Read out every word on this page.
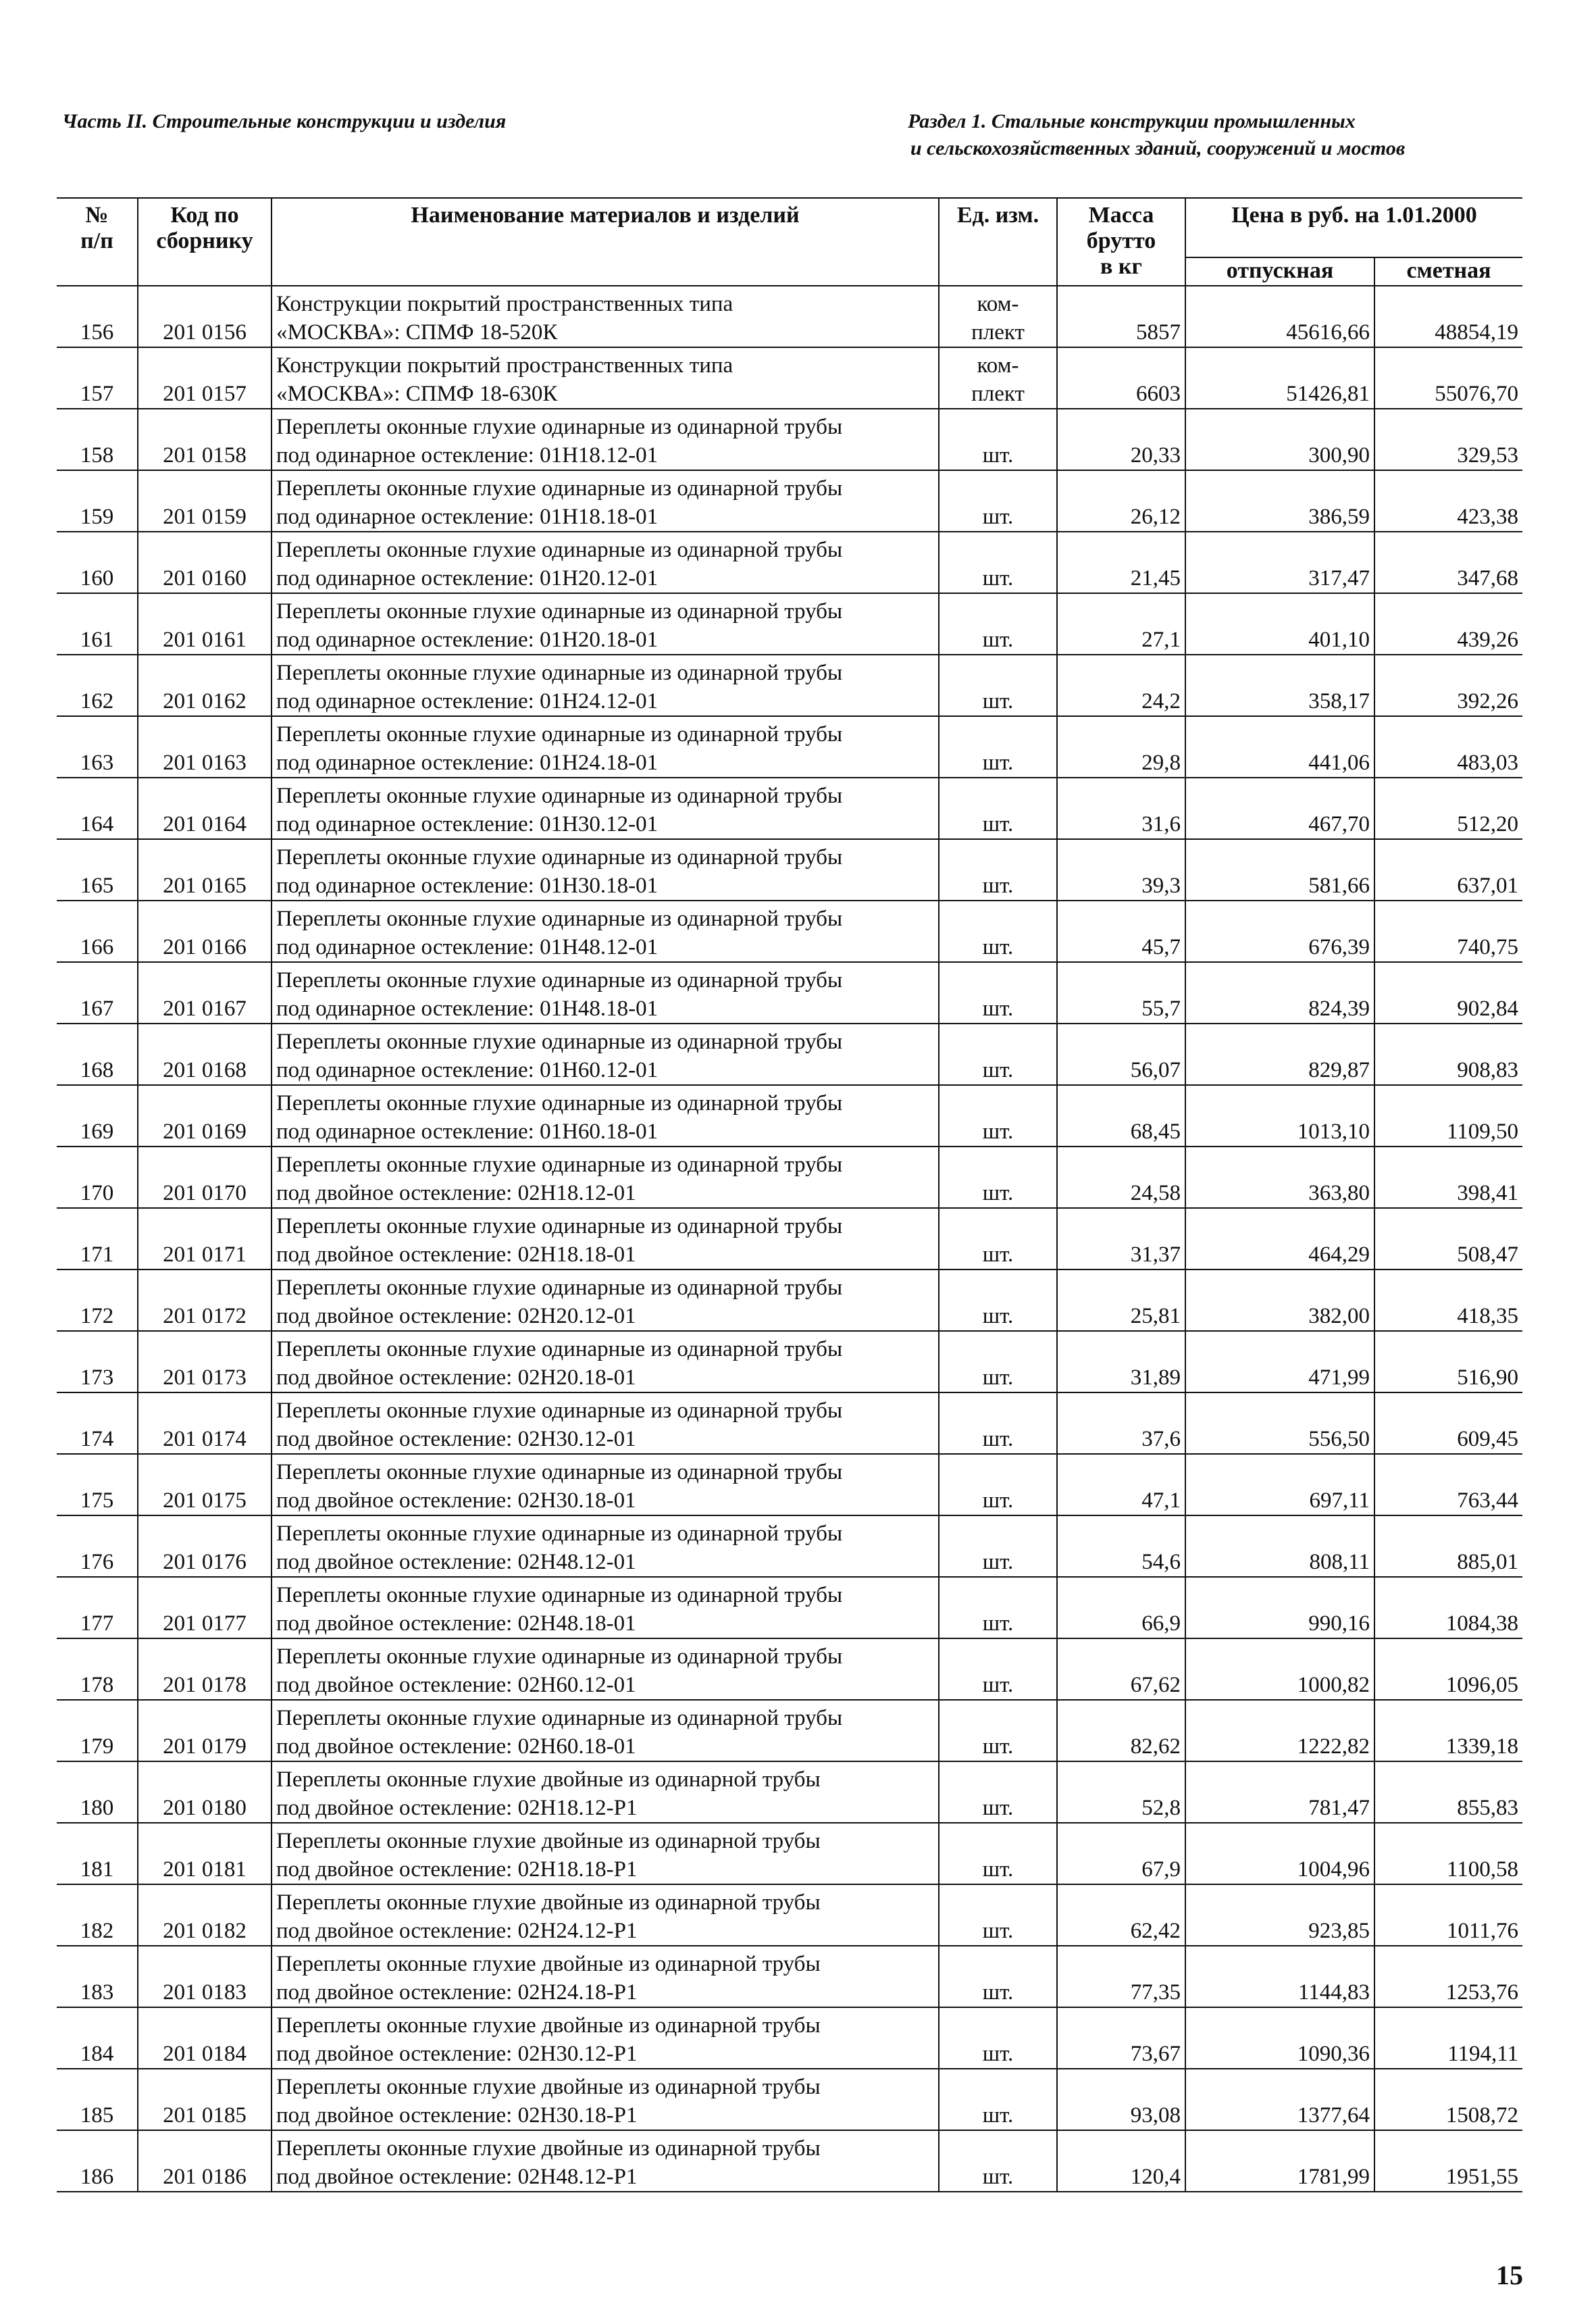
Часть II. Строительные конструкции и изделия	Раздел 1. Стальные конструкции промышленных
и сельскохозяйственных зданий, сооружений и мостов
№
п/п	Код по
сборнику	Наименование материалов и изделий	Ед. изм.	Масса
брутто
в кг	Цена в руб. на 1.01.2000	
					отпускная	сметная

156	201 0156	Конструкции покрытий пространственных типа
«МОСКВА»: СПМФ 18-520К	ком-
плект	5857	45616,66	48854,19

157	201 0157	Конструкции покрытий пространственных типа
«МОСКВА»: СПМФ 18-630К	ком-
плект	6603	51426,81	55076,70

158	201 0158	Переплеты оконные глухие одинарные из одинарной трубы
под одинарное остекление: 01Н18.12-01	шт.	20,33	300,90	329,53

159	201 0159	Переплеты оконные глухие одинарные из одинарной трубы
под одинарное остекление: 01Н18.18-01	шт.	26,12	386,59	423,38

160	201 0160	Переплеты оконные глухие одинарные из одинарной трубы
под одинарное остекление: 01Н20.12-01	шт.	21,45	317,47	347,68

161	201 0161	Переплеты оконные глухие одинарные из одинарной трубы
под одинарное остекление: 01Н20.18-01	шт.	27,1	401,10	439,26

162	201 0162	Переплеты оконные глухие одинарные из одинарной трубы
под одинарное остекление: 01Н24.12-01	шт.	24,2	358,17	392,26

163	201 0163	Переплеты оконные глухие одинарные из одинарной трубы
под одинарное остекление: 01Н24.18-01	шт.	29,8	441,06	483,03

164	201 0164	Переплеты оконные глухие одинарные из одинарной трубы
под одинарное остекление: 01Н30.12-01	шт.	31,6	467,70	512,20

165	201 0165	Переплеты оконные глухие одинарные из одинарной трубы
под одинарное остекление: 01Н30.18-01	шт.	39,3	581,66	637,01

166	201 0166	Переплеты оконные глухие одинарные из одинарной трубы
под одинарное остекление: 01Н48.12-01	шт.	45,7	676,39	740,75

167	201 0167	Переплеты оконные глухие одинарные из одинарной трубы
под одинарное остекление: 01Н48.18-01	шт.	55,7	824,39	902,84

168	201 0168	Переплеты оконные глухие одинарные из одинарной трубы
под одинарное остекление: 01Н60.12-01	шт.	56,07	829,87	908,83

169	201 0169	Переплеты оконные глухие одинарные из одинарной трубы
под одинарное остекление: 01Н60.18-01	шт.	68,45	1013,10	1109,50

170	201 0170	Переплеты оконные глухие одинарные из одинарной трубы
под двойное остекление: 02Н18.12-01	шт.	24,58	363,80	398,41

171	201 0171	Переплеты оконные глухие одинарные из одинарной трубы
под двойное остекление: 02Н18.18-01	шт.	31,37	464,29	508,47

172	201 0172	Переплеты оконные глухие одинарные из одинарной трубы
под двойное остекление: 02Н20.12-01	шт.	25,81	382,00	418,35

173	201 0173	Переплеты оконные глухие одинарные из одинарной трубы
под двойное остекление: 02Н20.18-01	шт.	31,89	471,99	516,90

174	201 0174	Переплеты оконные глухие одинарные из одинарной трубы
под двойное остекление: 02Н30.12-01	шт.	37,6	556,50	609,45

175	201 0175	Переплеты оконные глухие одинарные из одинарной трубы
под двойное остекление: 02Н30.18-01	шт.	47,1	697,11	763,44

176	201 0176	Переплеты оконные глухие одинарные из одинарной трубы
под двойное остекление: 02Н48.12-01	шт.	54,6	808,11	885,01

177	201 0177	Переплеты оконные глухие одинарные из одинарной трубы
под двойное остекление: 02Н48.18-01	шт.	66,9	990,16	1084,38

178	201 0178	Переплеты оконные глухие одинарные из одинарной трубы
под двойное остекление: 02Н60.12-01	шт.	67,62	1000,82	1096,05

179	201 0179	Переплеты оконные глухие одинарные из одинарной трубы
под двойное остекление: 02Н60.18-01	шт.	82,62	1222,82	1339,18

180	201 0180	Переплеты оконные глухие двойные из одинарной трубы
под двойное остекление: 02Н18.12-Р1	шт.	52,8	781,47	855,83

181	201 0181	Переплеты оконные глухие двойные из одинарной трубы
под двойное остекление: 02Н18.18-Р1	шт.	67,9	1004,96	1100,58

182	201 0182	Переплеты оконные глухие двойные из одинарной трубы
под двойное остекление: 02Н24.12-Р1	шт.	62,42	923,85	1011,76

183	201 0183	Переплеты оконные глухие двойные из одинарной трубы
под двойное остекление: 02Н24.18-Р1	шт.	77,35	1144,83	1253,76

184	201 0184	Переплеты оконные глухие двойные из одинарной трубы
под двойное остекление: 02Н30.12-Р1	шт.	73,67	1090,36	1194,11

185	201 0185	Переплеты оконные глухие двойные из одинарной трубы
под двойное остекление: 02Н30.18-Р1	шт.	93,08	1377,64	1508,72

186	201 0186	Переплеты оконные глухие двойные из одинарной трубы
под двойное остекление: 02Н48.12-Р1	шт.	120,4	1781,99	1951,55
15
